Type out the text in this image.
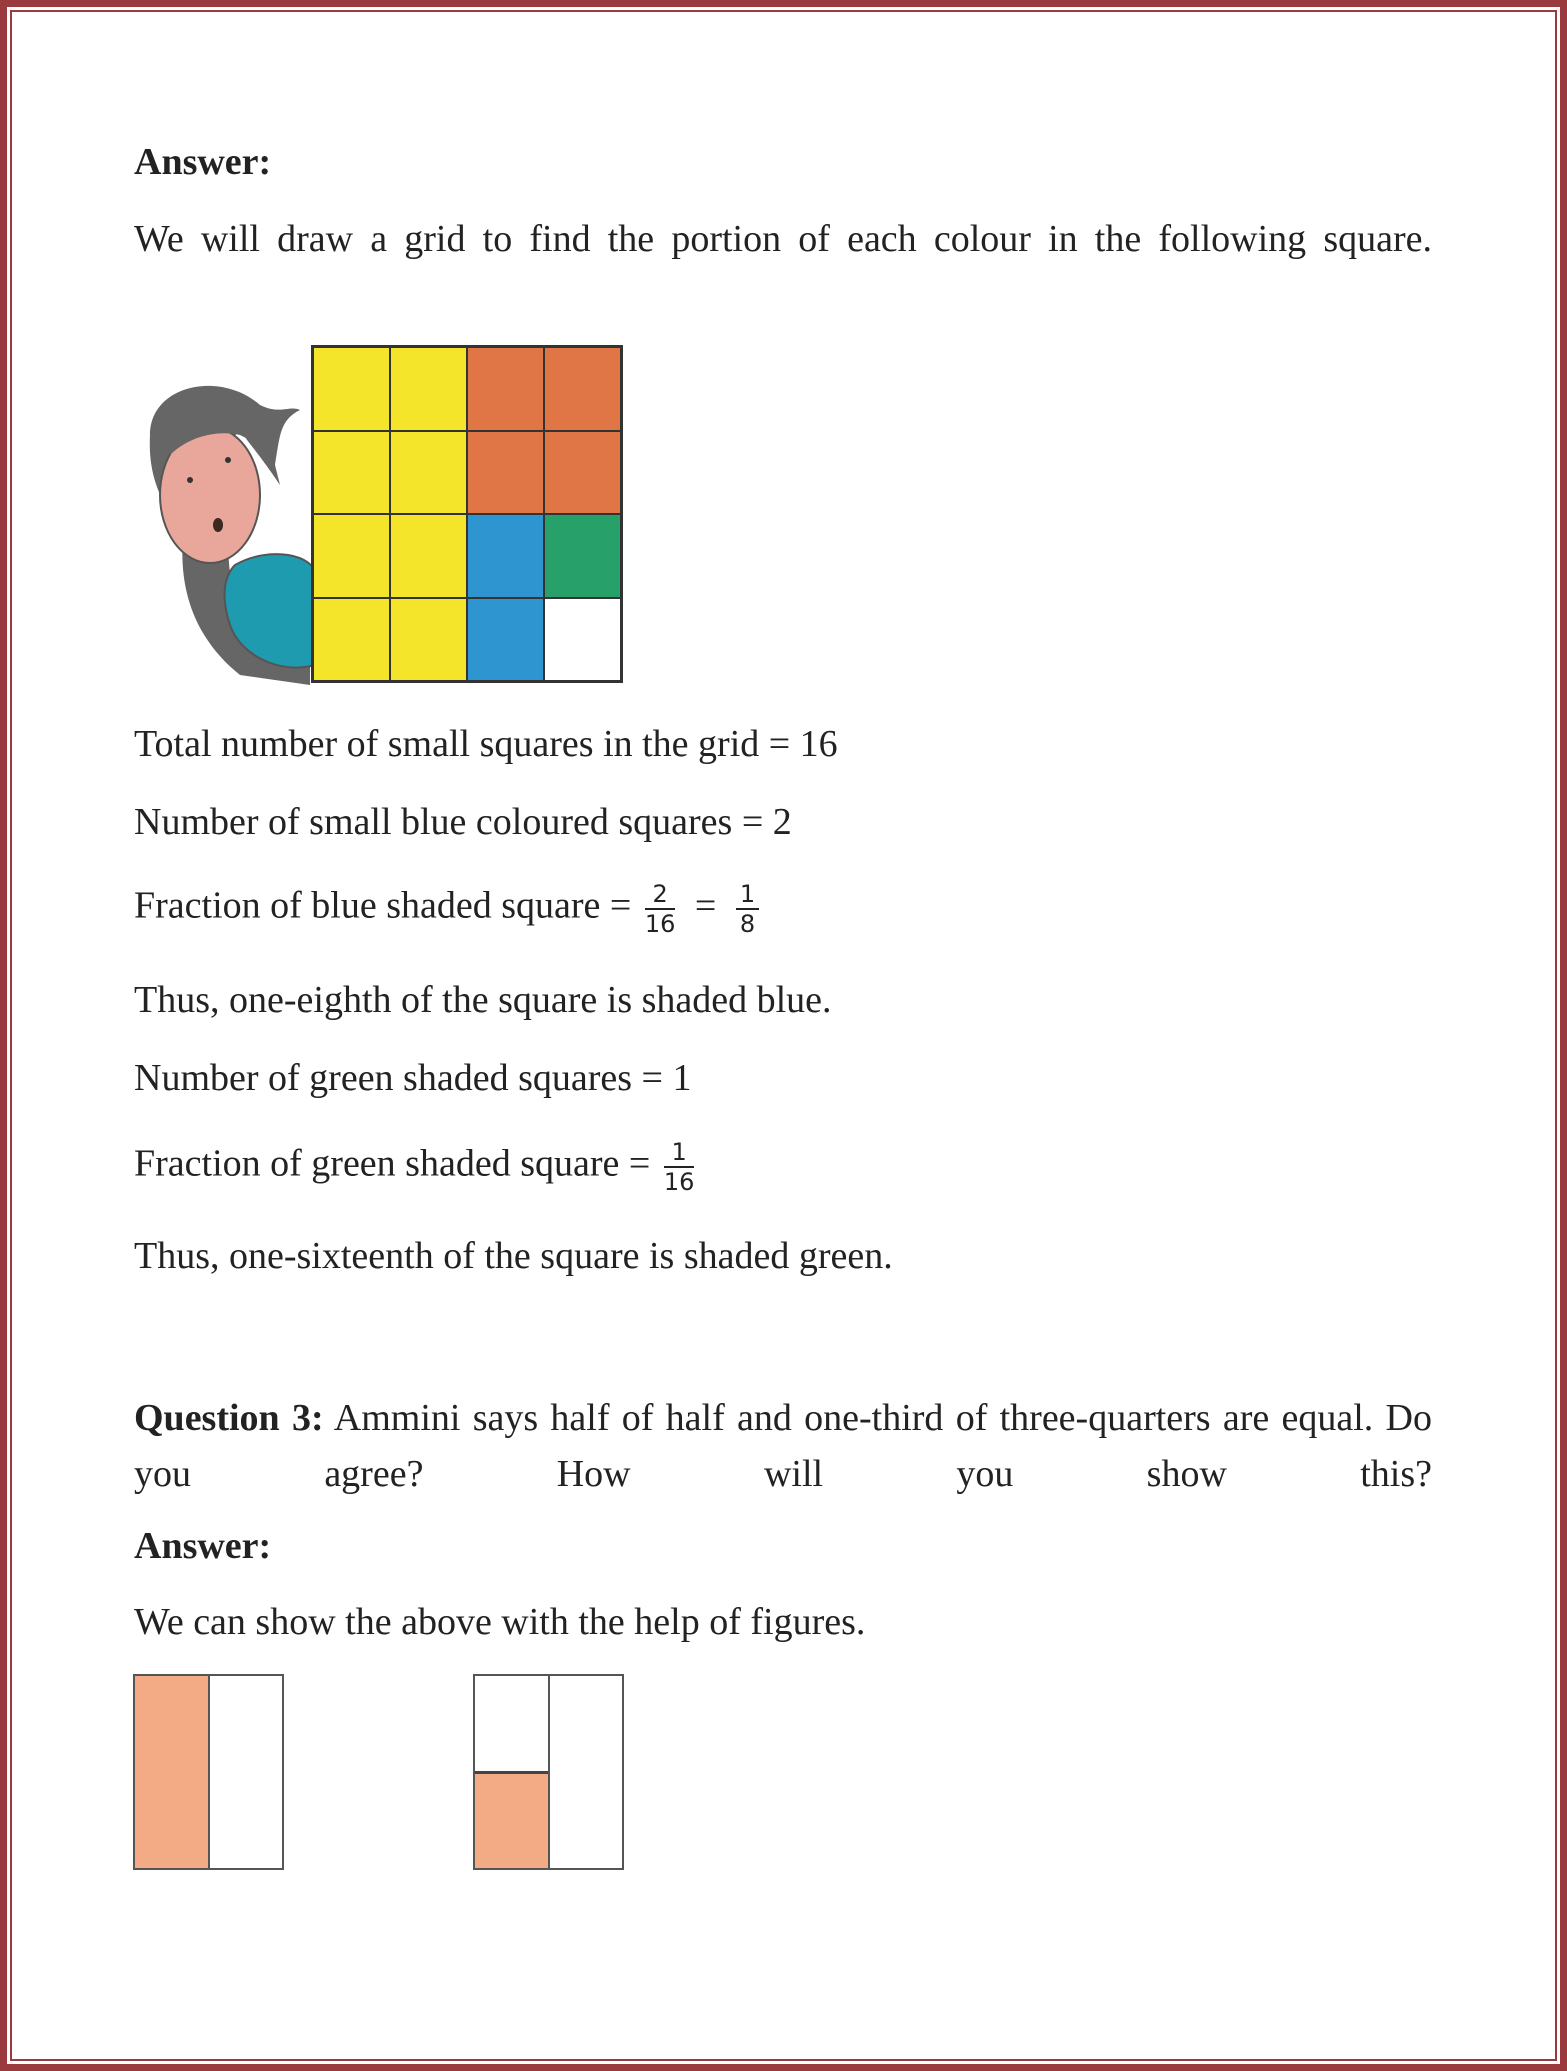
Answer:
We will draw a grid to find the portion of each colour in the following square.
Total number of small squares in the grid = 16
Number of small blue coloured squares = 2
Fraction of blue shaded square = $\frac{2}{16} = \frac{1}{8}$
Thus, one-eighth of the square is shaded blue.
Number of green shaded squares = 1
Fraction of green shaded square = $\frac{1}{16}$
Thus, one-sixteenth of the square is shaded green.
Question 3: Ammini says half of half and one-third of three-quarters are equal. Do you agree? How will you show this?
Answer:
We can show the above with the help of figures.
